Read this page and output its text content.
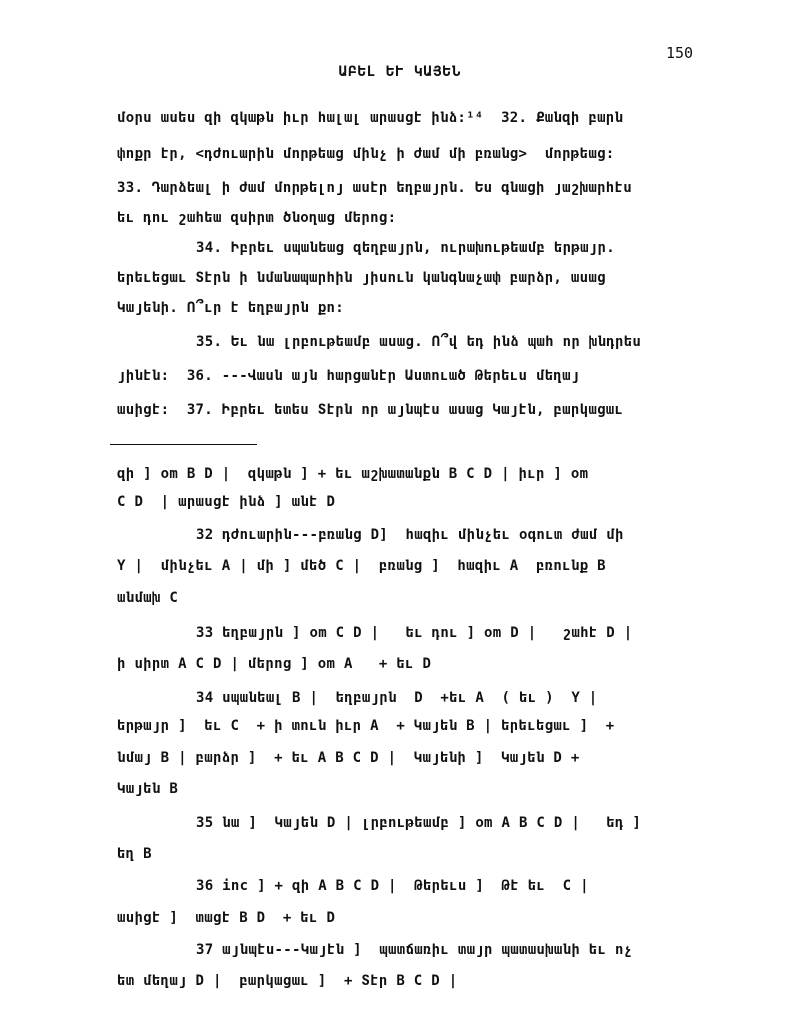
150
ԱԲԵԼ ԵՒ ԿԱՅԵՆ
մօրս ասես զի զկաթն իւր հալալ արասցէ ինձ։¹⁴  32. Քանզի բարն
փոքր էր, <դժուարին մորթեաց մինչ ի ժամ մի բռանց>  մորթեաց։
33. Դարձեալ ի ժամ մորթելոյ ասէր եղբայրն. Ես գնացի յաշխարհէս
եւ դու շահեա զսիրտ ծնօղաց մերոց։
34. Իբրեւ սպանեաց զեղբայրն, ուրախութեամբ երթայր.
երեւեցաւ Տէրն ի նմանապարհին յիսուն կանգնաչափ բարձր, ասաց
Կայենի. Ո՞ւր է եղբայրն քո։
35. Եւ նա լրբութեամբ ասաց. Ո՞վ եդ ինձ պահ որ խնդրես
յինէն։  36. ---Վասն այն հարցանէր Աստուած Թերեւս մեղայ
ասիցէ։  37. Իբրեւ ետես Տէրն որ այնպէս ասաց Կայէն, բարկացաւ
զի ] om B D |  զկաթն ] + եւ աշխատանքն B C D | իւր ] om
C D  | արասցէ ինձ ] անէ D
32 դժուարին---բռանց D]  հազիւ մինչեւ օգուտ ժամ մի
Y |  մինչեւ A | մի ] մեծ C |  բռանց ]  հազիւ A  բռունք B
անմախ C
33 եղբայրն ] om C D |   եւ դու ] om D |   շահէ D |
ի սիրտ A C D | մերոց ] om A   + եւ D
34 սպանեալ B |  եղբայրն  D  +եւ A  ( եւ )  Y |
երթայր ]  եւ C  + ի տուն իւր A  + Կայեն B | երեւեցաւ ]  +
նմայ B | բարձր ]  + եւ A B C D |  Կայենի ]  Կայեն D +
Կայեն B
35 նա ]  Կայեն D | լրբութեամբ ] om A B C D |   եդ ]
եղ B
36 inc ] + զի A B C D |  Թերեւս ]  Թէ եւ  C |
ասիցէ ]  տացէ B D  + եւ D
37 այնպէս---Կայէն ]  պատճառիւ տայր պատասխանի եւ ոչ
ետ մեղայ D |  բարկացաւ ]  + Տէր B C D |
